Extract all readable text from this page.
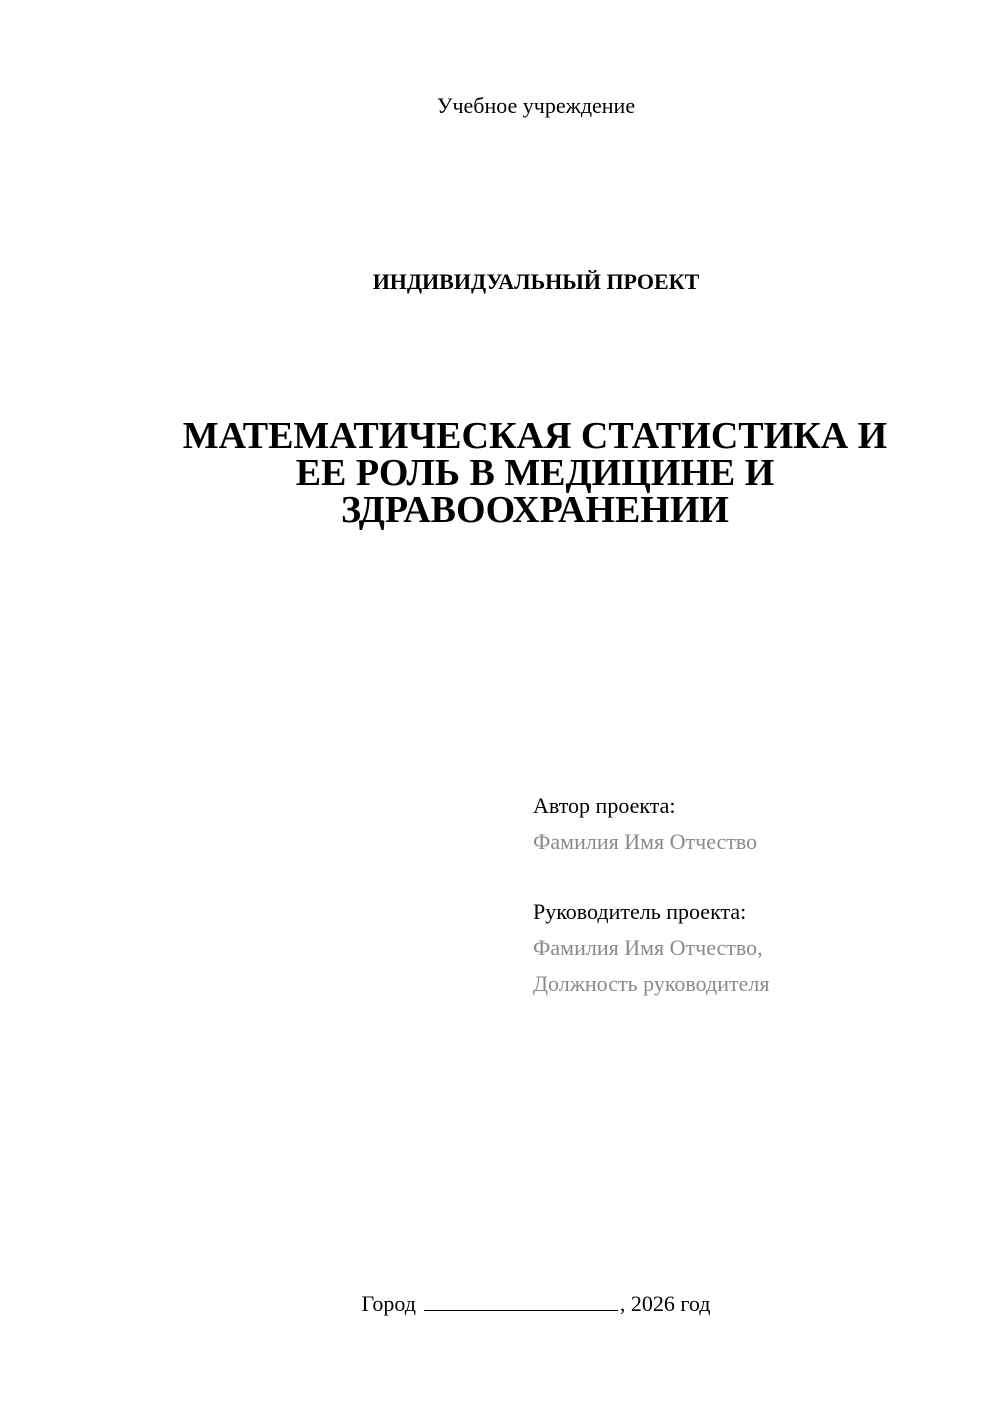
Учебное учреждение
ИНДИВИДУАЛЬНЫЙ ПРОЕКТ
МАТЕМАТИЧЕСКАЯ СТАТИСТИКА И
ЕЕ РОЛЬ В МЕДИЦИНЕ И
ЗДРАВООХРАНЕНИИ
Автор проекта:
Фамилия Имя Отчество
Руководитель проекта:
Фамилия Имя Отчество,
Должность руководителя
Город	, 2026 год
